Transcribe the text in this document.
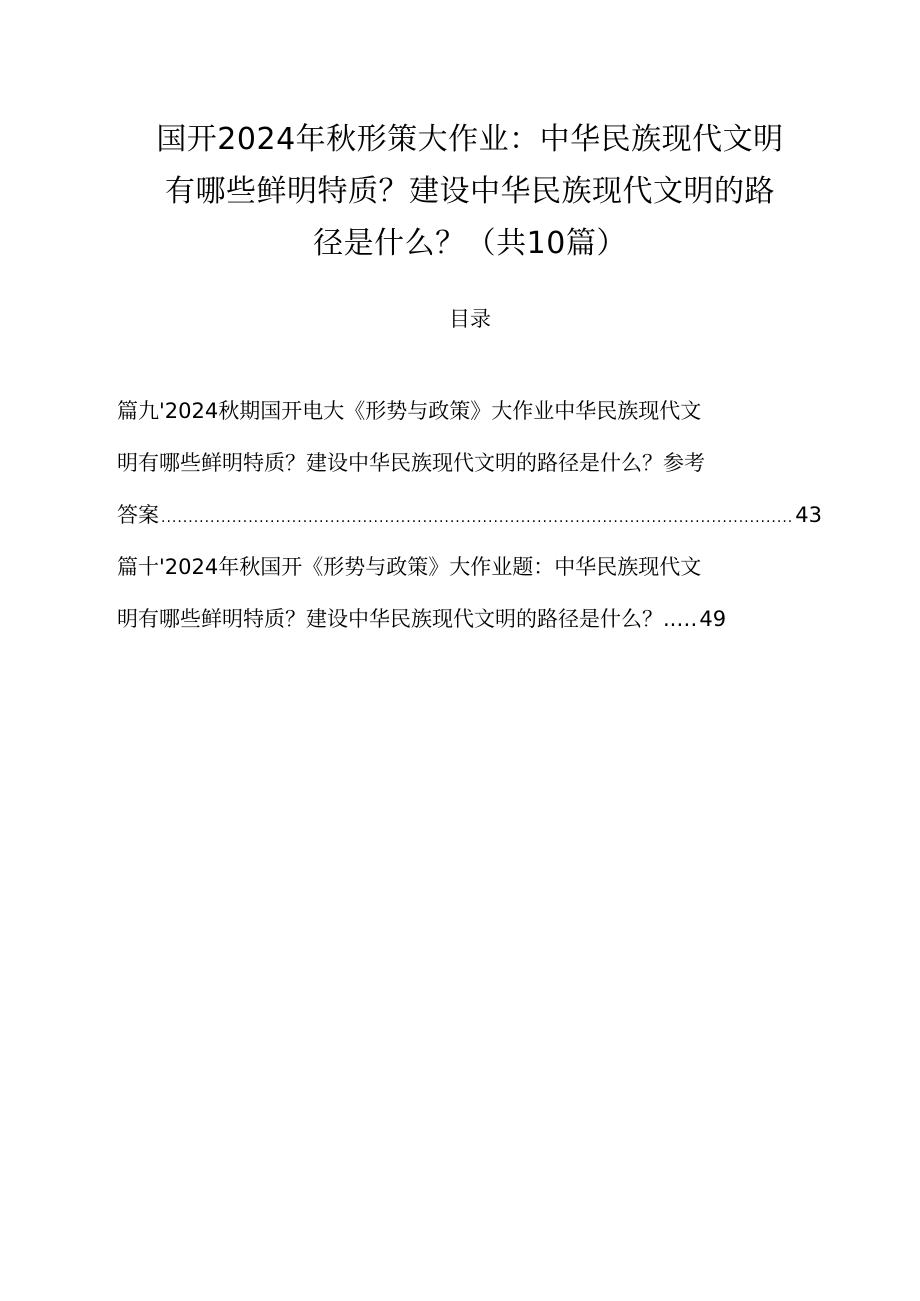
国开2024年秋形策大作业：中华民族现代文明
有哪些鲜明特质？建设中华民族现代文明的路
径是什么？（共10篇）
目录
篇九'2024秋期国开电大《形势与政策》大作业中华民族现代文
明有哪些鲜明特质？建设中华民族现代文明的路径是什么？参考
答案
.....	43
篇十'2024年秋国开《形势与政策》大作业题：中华民族现代文
明有哪些鲜明特质？建设中华民族现代文明的路径是什么？..…49
